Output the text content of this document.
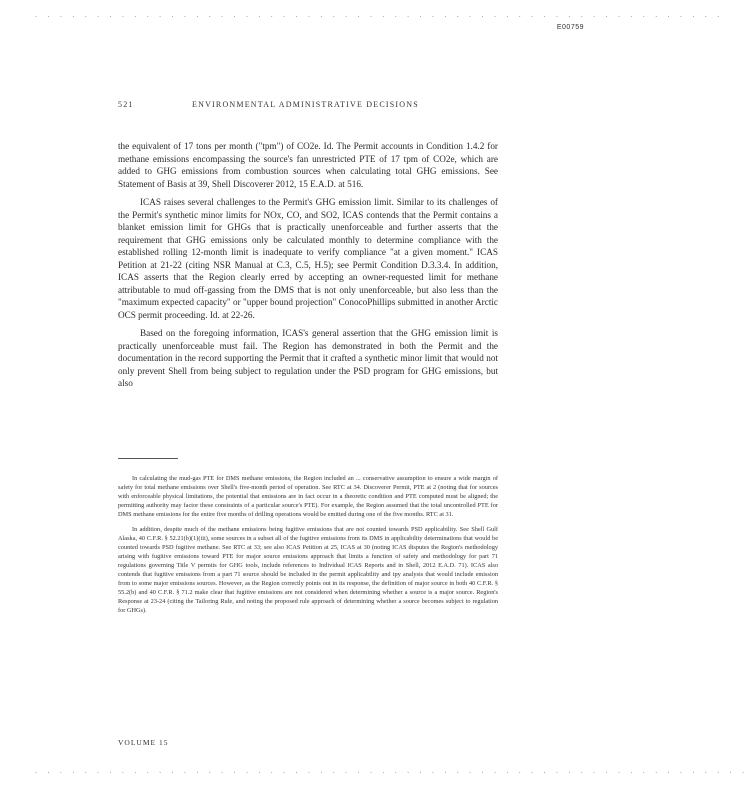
. . . . . . . . . . . . . . . . . . . . . . . . . . . . . . . . . . . . . . . . . . . . . . . . . . . . . . . .
E00759
521	ENVIRONMENTAL ADMINISTRATIVE DECISIONS

the equivalent of 17 tons per month ("tpm") of CO2e. Id. The Permit accounts in Condition 1.4.2 for methane emissions encompassing the source's fan unrestricted PTE of 17 tpm of CO2e, which are added to GHG emissions from combustion sources when calculating total GHG emissions. See Statement of Basis at 39, Shell Discoverer 2012, 15 E.A.D. at 516.

ICAS raises several challenges to the Permit's GHG emission limit. Similar to its challenges of the Permit's synthetic minor limits for NOx, CO, and SO2, ICAS contends that the Permit contains a blanket emission limit for GHGs that is practically unenforceable and further asserts that the requirement that GHG emissions only be calculated monthly to determine compliance with the established rolling 12-month limit is inadequate to verify compliance "at a given moment." ICAS Petition at 21-22 (citing NSR Manual at C.3, C.5, H.5); see Permit Condition D.3.3.4. In addition, ICAS asserts that the Region clearly erred by accepting an owner-requested limit for methane attributable to mud off-gassing from the DMS that is not only unenforceable, but also less than the "maximum expected capacity" or "upper bound projection" ConocoPhillips submitted in another Arctic OCS permit proceeding. Id. at 22-26.

Based on the foregoing information, ICAS's general assertion that the GHG emission limit is practically unenforceable must fail. The Region has demonstrated in both the Permit and the documentation in the record supporting the Permit that it crafted a synthetic minor limit that would not only prevent Shell from being subject to regulation under the PSD program for GHG emissions, but also

In calculating the mud-gas PTE for DMS methane emissions, the Region included an ... conservative assumption to ensure a wide margin of safety for total methane emissions over Shell's five-month period of operation. See RTC at 34. Discoverer Permit, PTE at 2 (noting that for sources with enforceable physical limitations, the potential that emissions are in fact occur in a theoretic condition and PTE computed must be aligned; the permitting authority may factor these constraints of a particular source's PTE). For example, the Region assumed that the total uncontrolled PTE for DMS methane emissions for the entire five months of drilling operations would be emitted during one of the five months. RTC at 31.

In addition, despite much of the methane emissions being fugitive emissions that are not counted towards PSD applicability. See Shell Gulf Alaska, 40 C.F.R. § 52.21(b)(1)(iii), some sources in a subset all of the fugitive emissions from its DMS in applicability determinations that would be counted towards PSD fugitive methane. See RTC at 33; see also ICAS Petition at 25, ICAS at 30 (noting ICAS disputes the Region's methodology arising with fugitive emissions toward PTE for major source emissions approach that limits a function of safety and methodology for part 71 regulations governing Title V permits for GHG tools, include references to Individual ICAS Reports and in Shell, 2012 E.A.D. 71). ICAS also contends that fugitive emissions from a part 71 source should be included in the permit applicability and tpy analysis that would include emission from to some major emissions sources. However, as the Region correctly points out in its response, the definition of major source in both 40 C.F.R. § 55.2(b) and 40 C.F.R. § 71.2 make clear that fugitive emissions are not considered when determining whether a source is a major source. Region's Response at 23-24 (citing the Tailoring Rule, and noting the proposed rule approach of determining whether a source becomes subject to regulation for GHGs).

VOLUME 15
. . . . . . . . . . . . . . . . . . . . . . . . . . . . . . . . . . . . . . . . . . . . . . . . . . . . . . . . . .
